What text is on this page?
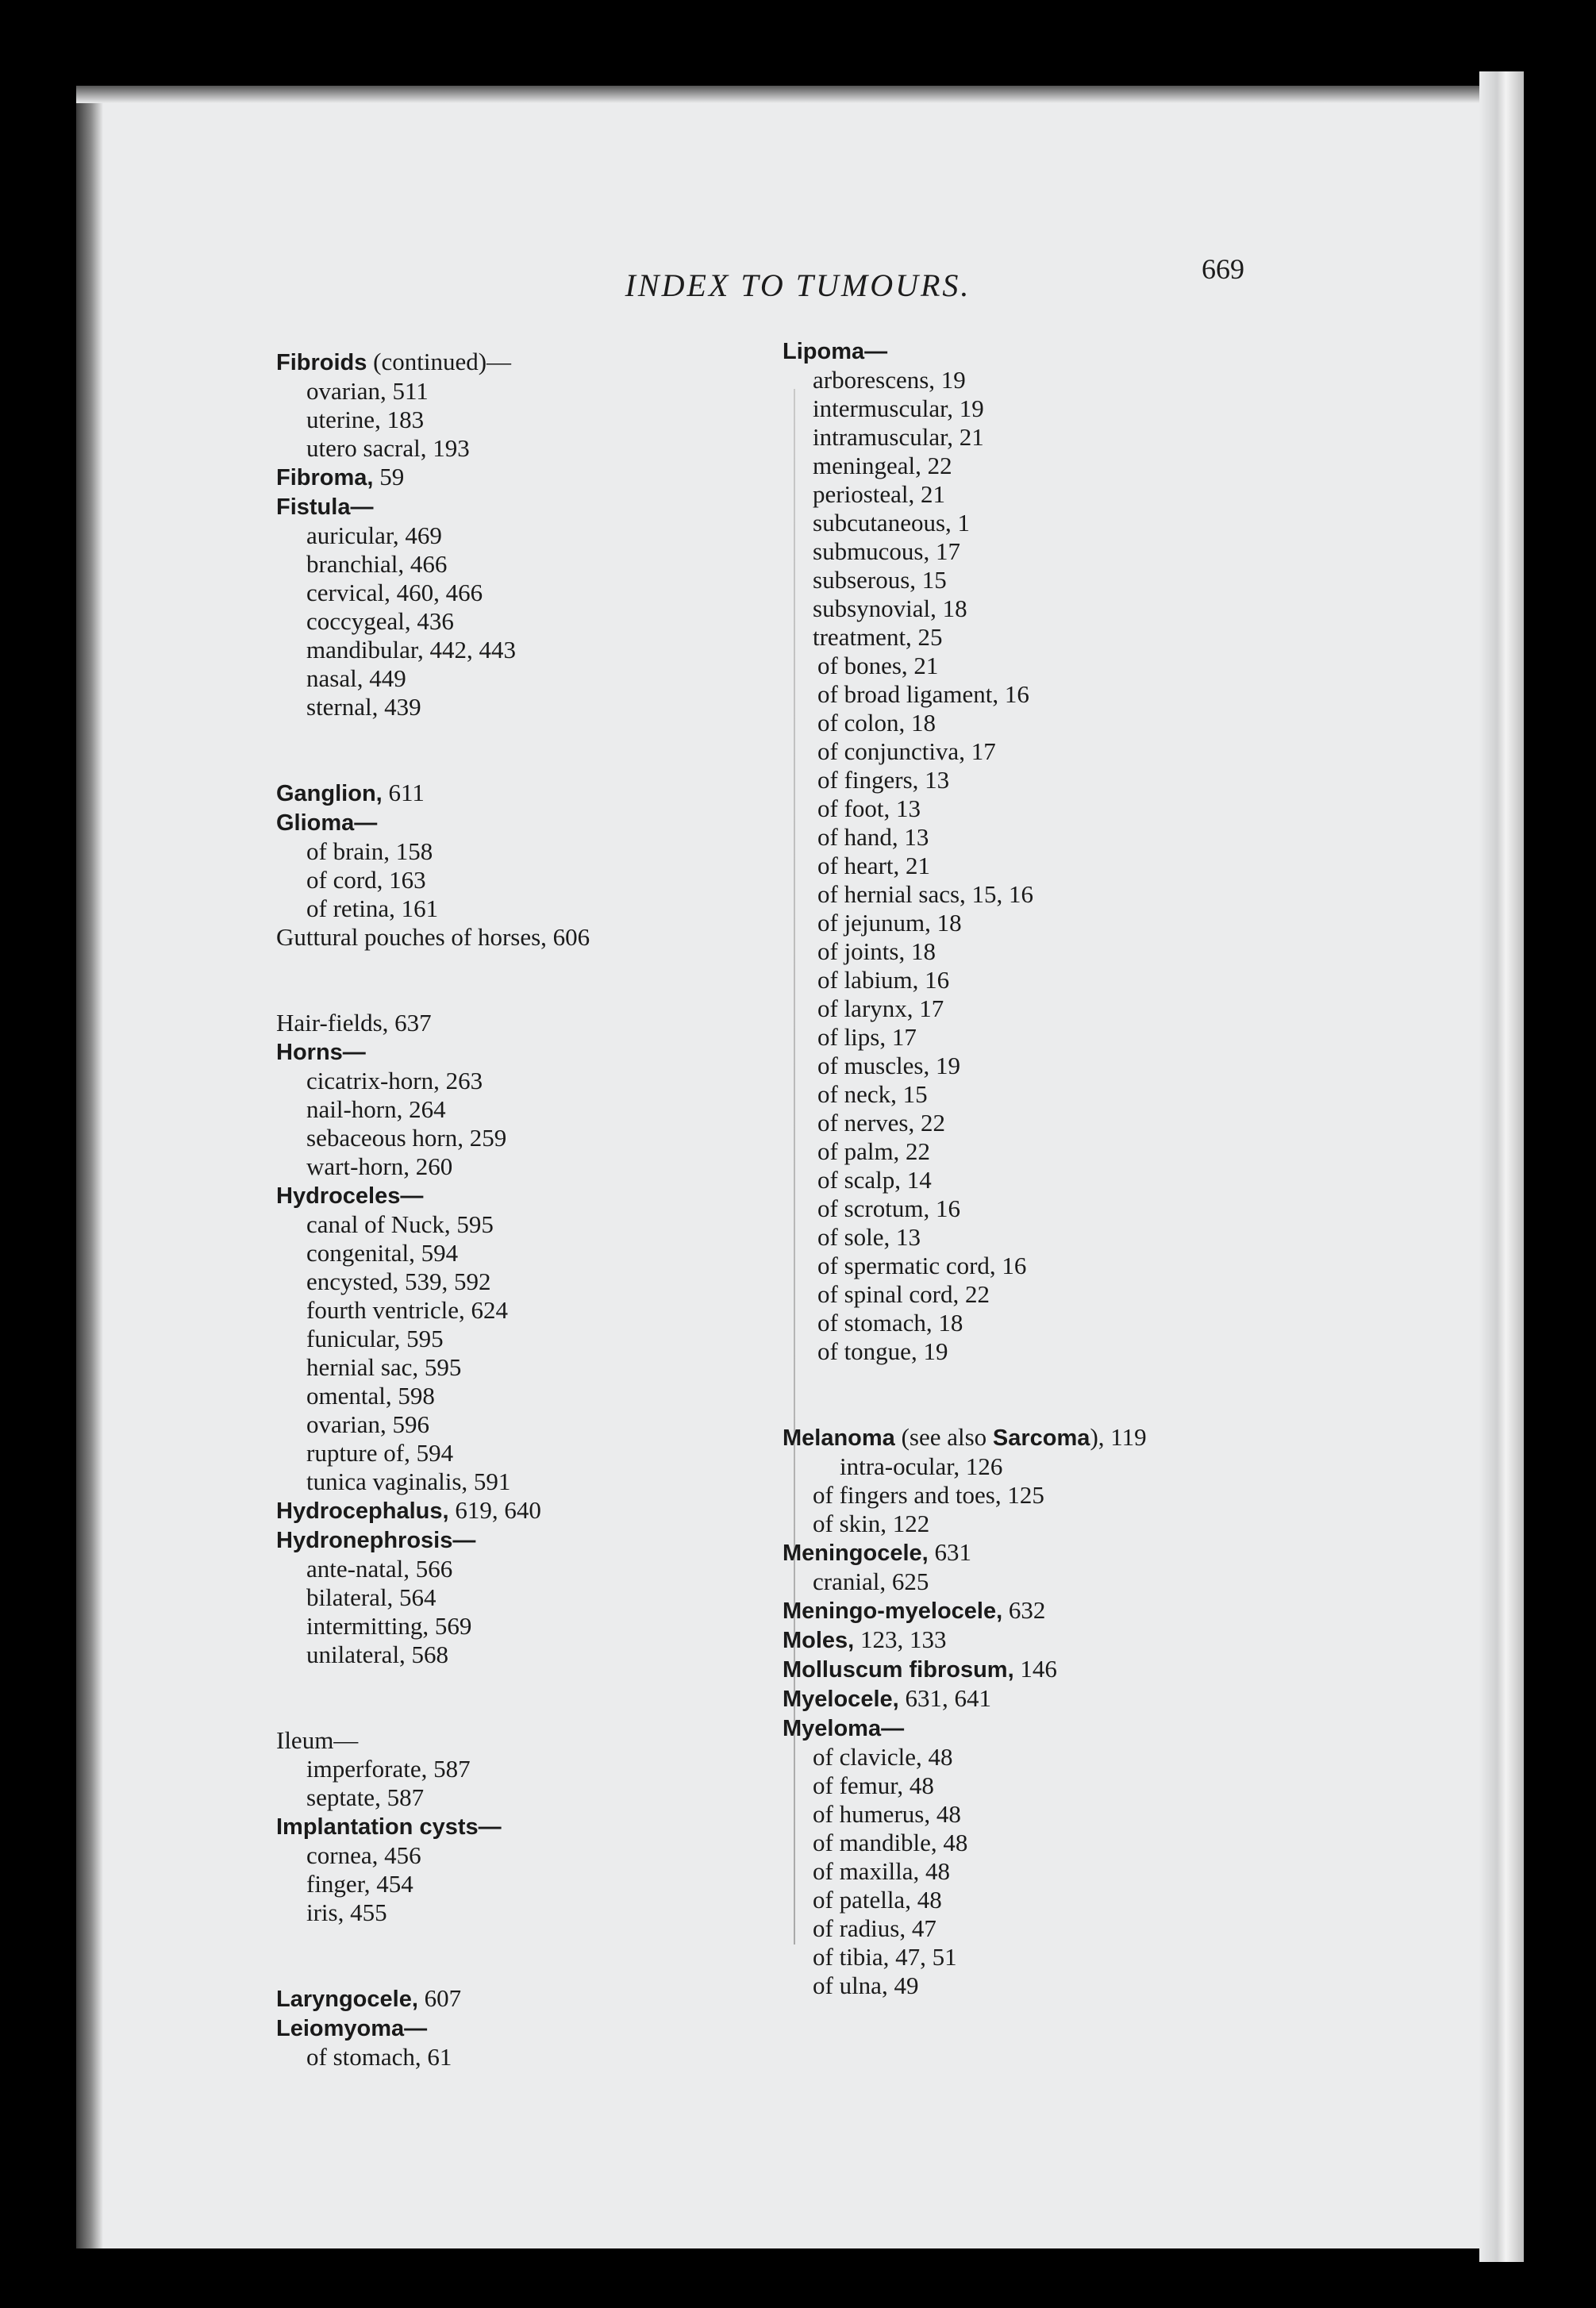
INDEX TO TUMOURS.	669
Fibroids (continued)—
ovarian, 511
uterine, 183
utero sacral, 193
Fibroma, 59
Fistula—
auricular, 469
branchial, 466
cervical, 460, 466
coccygeal, 436
mandibular, 442, 443
nasal, 449
sternal, 439
Ganglion, 611
Glioma—
of brain, 158
of cord, 163
of retina, 161
Guttural pouches of horses, 606
Hair-fields, 637
Horns—
cicatrix-horn, 263
nail-horn, 264
sebaceous horn, 259
wart-horn, 260
Hydroceles—
canal of Nuck, 595
congenital, 594
encysted, 539, 592
fourth ventricle, 624
funicular, 595
hernial sac, 595
omental, 598
ovarian, 596
rupture of, 594
tunica vaginalis, 591
Hydrocephalus, 619, 640
Hydronephrosis—
ante-natal, 566
bilateral, 564
intermitting, 569
unilateral, 568
Ileum—
imperforate, 587
septate, 587
Implantation cysts—
cornea, 456
finger, 454
iris, 455
Laryngocele, 607
Leiomyoma—
of stomach, 61
Lipoma—
arborescens, 19
intermuscular, 19
intramuscular, 21
meningeal, 22
periosteal, 21
subcutaneous, 1
submucous, 17
subserous, 15
subsynovial, 18
treatment, 25
of bones, 21
of broad ligament, 16
of colon, 18
of conjunctiva, 17
of fingers, 13
of foot, 13
of hand, 13
of heart, 21
of hernial sacs, 15, 16
of jejunum, 18
of joints, 18
of labium, 16
of larynx, 17
of lips, 17
of muscles, 19
of neck, 15
of nerves, 22
of palm, 22
of scalp, 14
of scrotum, 16
of sole, 13
of spermatic cord, 16
of spinal cord, 22
of stomach, 18
of tongue, 19
Melanoma (see also Sarcoma), 119
intra-ocular, 126
of fingers and toes, 125
of skin, 122
Meningocele, 631
cranial, 625
Meningo-myelocele, 632
Moles, 123, 133
Molluscum fibrosum, 146
Myelocele, 631, 641
Myeloma—
of clavicle, 48
of femur, 48
of humerus, 48
of mandible, 48
of maxilla, 48
of patella, 48
of radius, 47
of tibia, 47, 51
of ulna, 49
